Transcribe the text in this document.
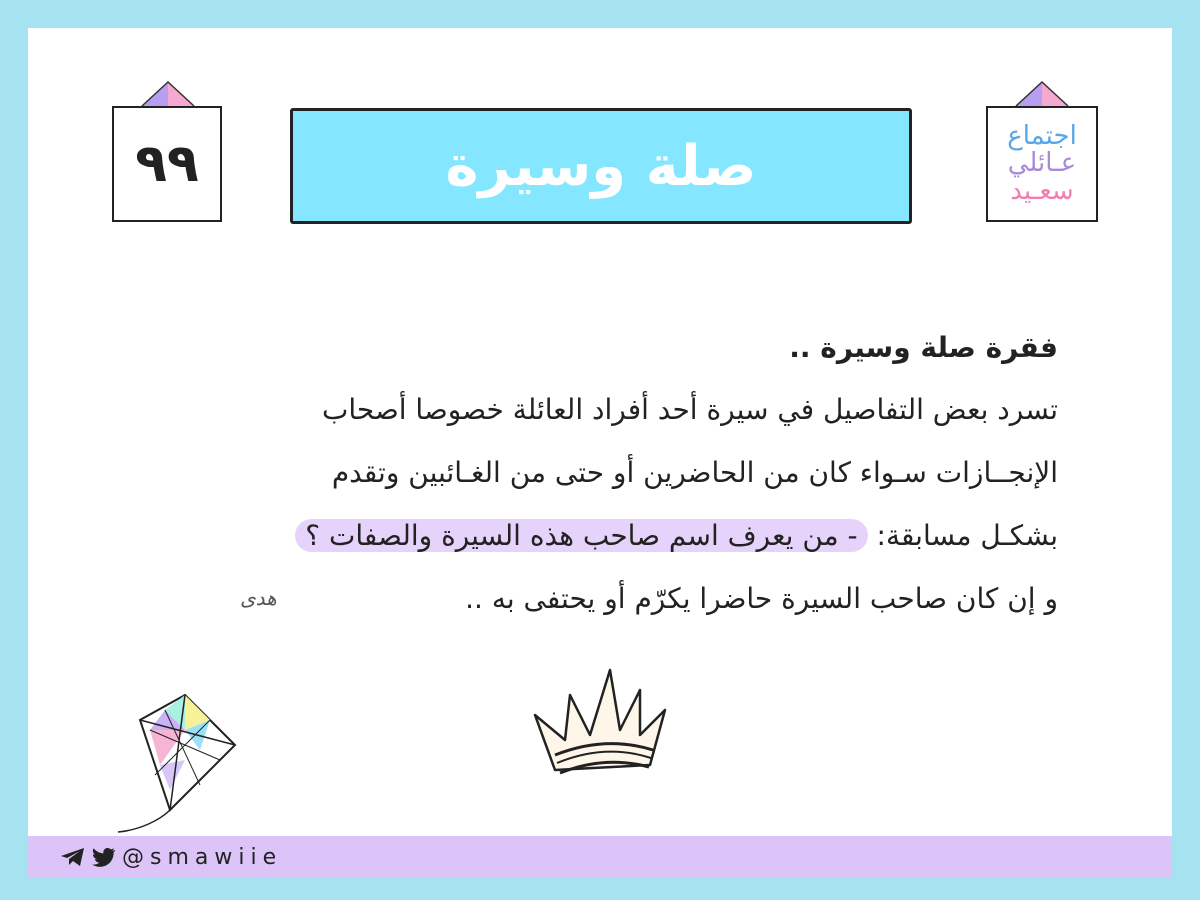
٩٩	صلة وسيرة	اجتماع
عـائلي
سعـيد
فقرة صلة وسيرة ..
تسرد بعض التفاصيل في سيرة أحد أفراد العائلة خصوصا أصحاب
الإنجــازات سـواء كان من الحاضرين أو حتى من الغـائبين وتقدم
بشكـل مسابقة: - من يعرف اسم صاحب هذه السيرة والصفات ؟
و إن كان صاحب السيرة حاضرا يكرّم أو يحتفى به ..
هدى
@smawiie
